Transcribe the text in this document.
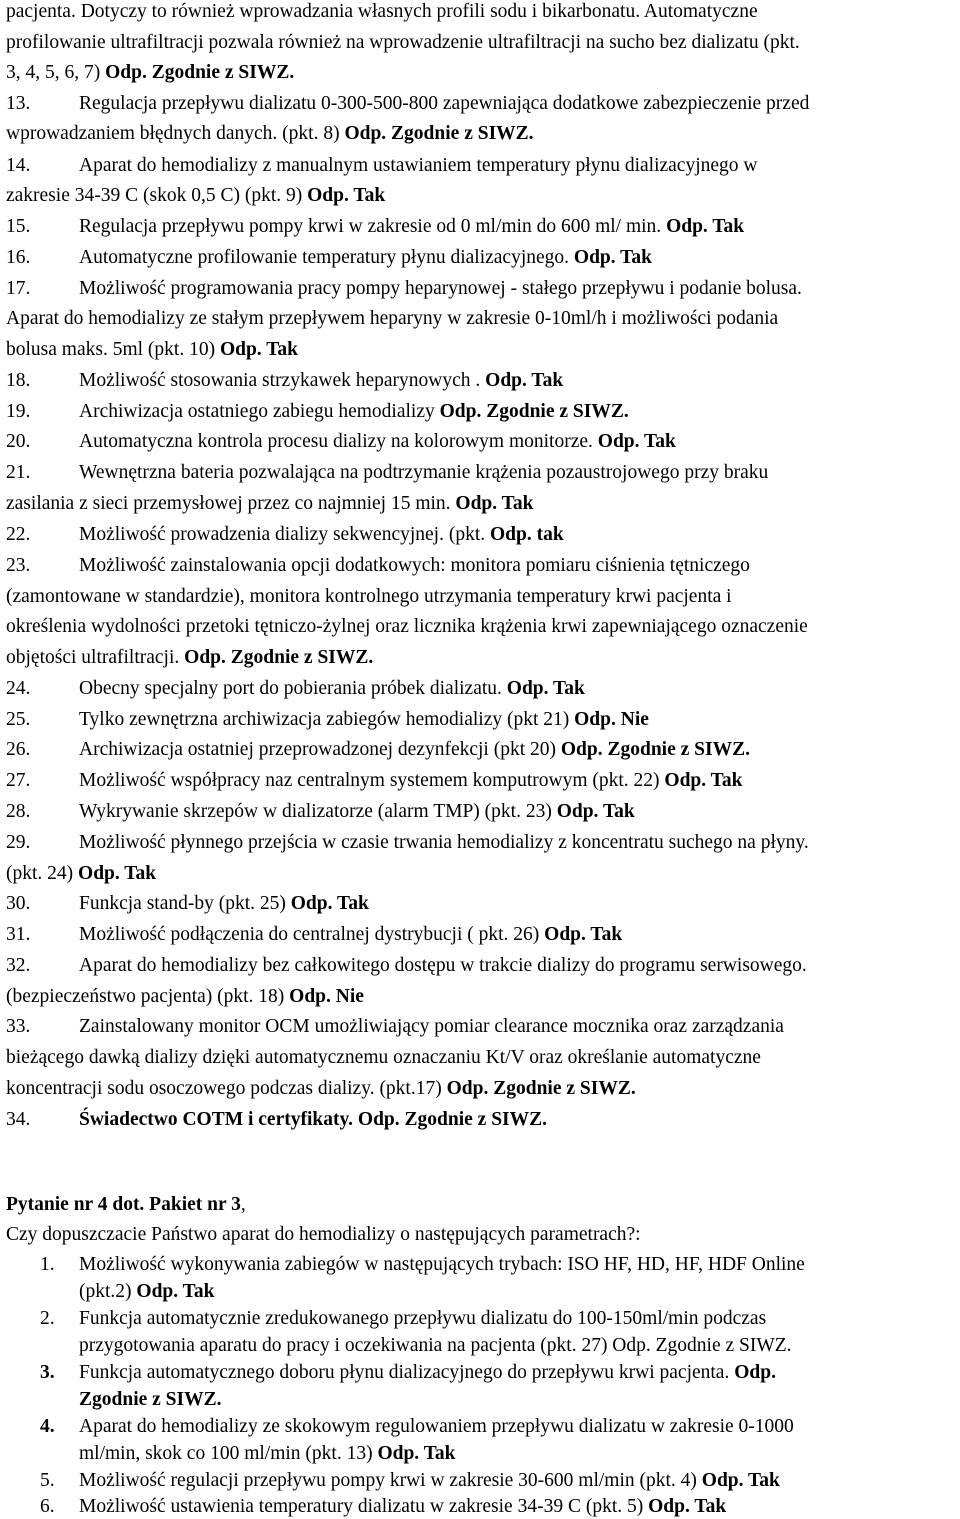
pacjenta. Dotyczy to również wprowadzania własnych profili sodu i bikarbonatu. Automatyczne
profilowanie ultrafiltracji pozwala również na wprowadzenie ultrafiltracji na sucho bez dializatu (pkt.
3, 4, 5, 6, 7) Odp. Zgodnie z SIWZ.
13. Regulacja przepływu dializatu 0-300-500-800 zapewniająca dodatkowe zabezpieczenie przed
wprowadzaniem błędnych danych. (pkt. 8) Odp. Zgodnie z SIWZ.
14. Aparat do hemodializy z manualnym ustawianiem temperatury płynu dializacyjnego w
zakresie 34-39 C (skok 0,5 C) (pkt. 9) Odp. Tak
15. Regulacja przepływu pompy krwi w zakresie od 0 ml/min do 600 ml/ min. Odp. Tak
16. Automatyczne profilowanie temperatury płynu dializacyjnego. Odp. Tak
17. Możliwość programowania pracy pompy heparynowej - stałego przepływu i podanie bolusa.
Aparat do hemodializy ze stałym przepływem heparyny w zakresie 0-10ml/h i możliwości podania
bolusa maks. 5ml (pkt. 10) Odp. Tak
18. Możliwość stosowania strzykawek heparynowych . Odp. Tak
19. Archiwizacja ostatniego zabiegu hemodializy Odp. Zgodnie z SIWZ.
20. Automatyczna kontrola procesu dializy na kolorowym monitorze. Odp. Tak
21. Wewnętrzna bateria pozwalająca na podtrzymanie krążenia pozaustrojowego przy braku
zasilania z sieci przemysłowej przez co najmniej 15 min. Odp. Tak
22. Możliwość prowadzenia dializy sekwencyjnej. (pkt. Odp. tak
23. Możliwość zainstalowania opcji dodatkowych: monitora pomiaru ciśnienia tętniczego
(zamontowane w standardzie), monitora kontrolnego utrzymania temperatury krwi pacjenta i
określenia wydolności przetoki tętniczo-żylnej oraz licznika krążenia krwi zapewniającego oznaczenie
objętości ultrafiltracji. Odp. Zgodnie z SIWZ.
24. Obecny specjalny port do pobierania próbek dializatu. Odp. Tak
25. Tylko zewnętrzna archiwizacja zabiegów hemodializy (pkt 21) Odp. Nie
26. Archiwizacja ostatniej przeprowadzonej dezynfekcji (pkt 20) Odp. Zgodnie z SIWZ.
27. Możliwość współpracy naz centralnym systemem komputrowym (pkt. 22) Odp. Tak
28. Wykrywanie skrzepów w dializatorze (alarm TMP) (pkt. 23) Odp. Tak
29. Możliwość płynnego przejścia w czasie trwania hemodializy z koncentratu suchego na płyny.
(pkt. 24) Odp. Tak
30. Funkcja stand-by (pkt. 25) Odp. Tak
31. Możliwość podłączenia do centralnej dystrybucji ( pkt. 26) Odp. Tak
32. Aparat do hemodializy bez całkowitego dostępu w trakcie dializy do programu serwisowego.
(bezpieczeństwo pacjenta) (pkt. 18) Odp. Nie
33. Zainstalowany monitor OCM umożliwiający pomiar clearance mocznika oraz zarządzania
bieżącego dawką dializy dzięki automatycznemu oznaczaniu Kt/V oraz określanie automatyczne
koncentracji sodu osoczowego podczas dializy. (pkt.17) Odp. Zgodnie z SIWZ.
34. Świadectwo COTM i certyfikaty. Odp. Zgodnie z SIWZ.
Pytanie nr 4 dot. Pakiet nr 3,
Czy dopuszczacie Państwo aparat do hemodializy o następujących parametrach?:
1. Możliwość wykonywania zabiegów w następujących trybach: ISO HF, HD, HF, HDF Online
(pkt.2) Odp. Tak
2. Funkcja automatycznie zredukowanego przepływu dializatu do 100-150ml/min podczas
przygotowania aparatu do pracy i oczekiwania na pacjenta (pkt. 27) Odp. Zgodnie z SIWZ.
3. Funkcja automatycznego doboru płynu dializacyjnego do przepływu krwi pacjenta. Odp.
Zgodnie z SIWZ.
4. Aparat do hemodializy ze skokowym regulowaniem przepływu dializatu w zakresie 0-1000
ml/min, skok co 100 ml/min (pkt. 13) Odp. Tak
5. Możliwość regulacji przepływu pompy krwi w zakresie 30-600 ml/min (pkt. 4) Odp. Tak
6. Możliwość ustawienia temperatury dializatu w zakresie 34-39 C (pkt. 5) Odp. Tak
